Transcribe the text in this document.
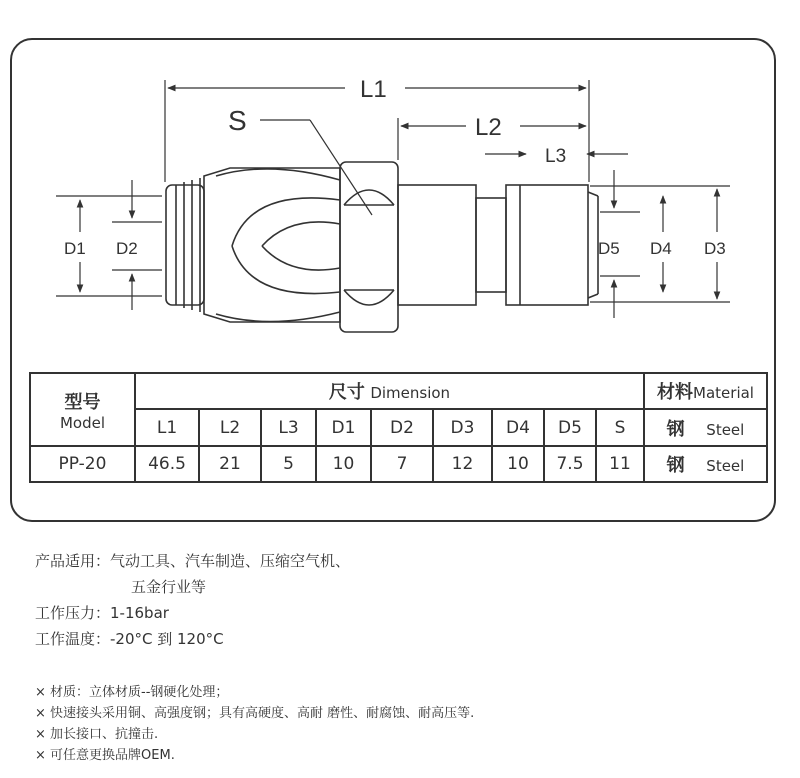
L1
L2
L3
S
D1 D2	D5 D4 D3
型号
Model	尺寸 Dimension									材料Material
	L1	L2	L3	D1	D2	D3	D4	D5	S	钢 Steel
PP-20	46.5	21	5	10	7	12	10	7.5	11	钢 Steel
产品适用：气动工具、汽车制造、压缩空气机、
五金行业等
工作压力：1-16bar
工作温度：-20°C 到 120°C
× 材质：立体材质--钢硬化处理；
× 快速接头采用铜、高强度钢；具有高硬度、高耐 磨性、耐腐蚀、耐高压等.
× 加长接口、抗撞击.
× 可任意更换品牌OEM.
